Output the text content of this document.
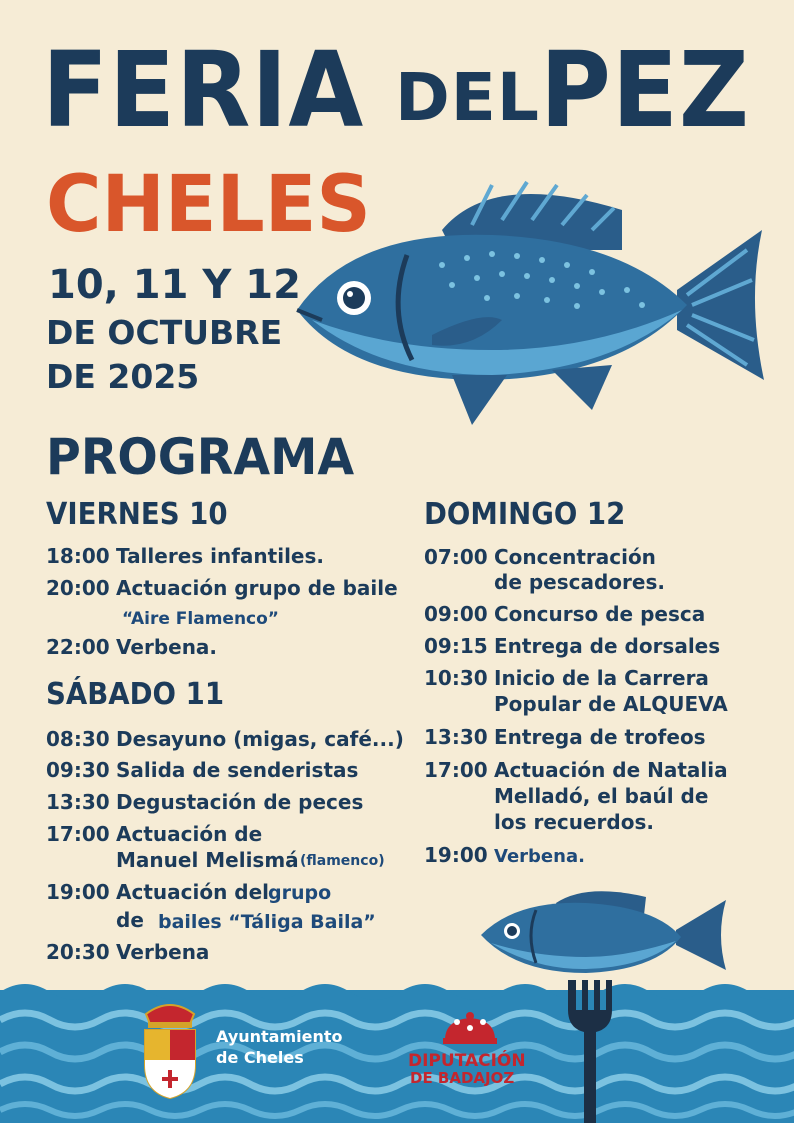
Ayuntamiento
de Cheles	DIPUTACIÓN
DE BADAJOZ
FERIA DEL PEZ
CHELES
10, 11 Y 12
DE OCTUBRE
DE 2025
PROGRAMA
VIERNES 10
18:00 Talleres infantiles.
20:00 Actuación grupo de baile
“Aire Flamenco”
22:00 Verbena.
SÁBADO 11
08:30 Desayuno (migas, café...)
09:30 Salida de senderistas
13:30 Degustación de peces
17:00 Actuación de
Manuel Melismá (flamenco)
19:00 Actuación del
grupo
de bailes “Táliga Baila”
20:30 Verbena
DOMINGO 12
07:00 Concentración
de pescadores.
09:00 Concurso de pesca
09:15 Entrega de dorsales
10:30 Inicio de la Carrera
Popular de ALQUEVA
13:30 Entrega de trofeos
17:00 Actuación de Natalia
Melladó, el baúl de
los recuerdos.
19:00 Verbena.
